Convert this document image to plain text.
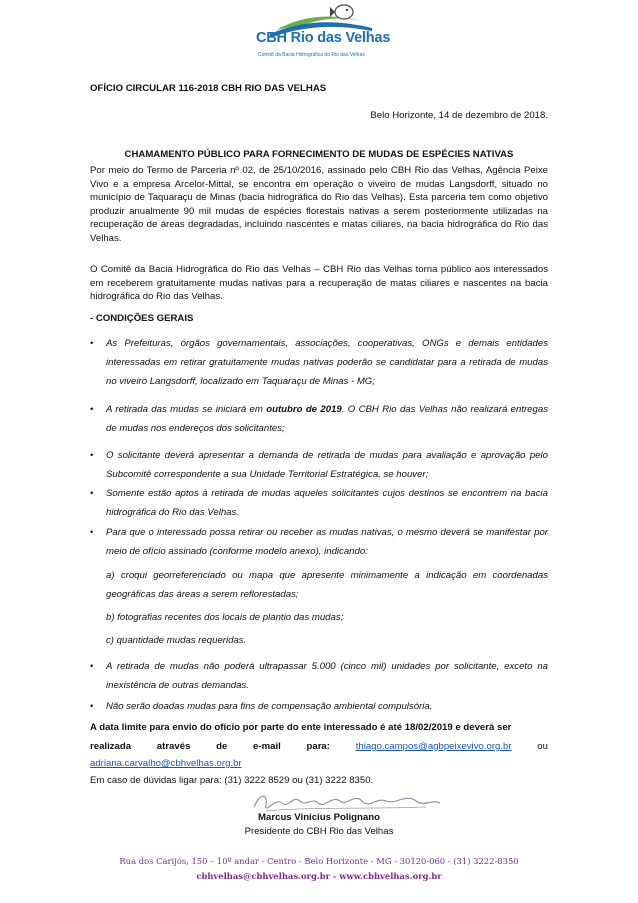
CBH Rio das Velhas
Comitê da Bacia Hidrográfica do Rio das Velhas
OFÍCIO CIRCULAR 116-2018 CBH RIO DAS VELHAS
Belo Horizonte, 14 de dezembro de 2018.
CHAMAMENTO PÚBLICO PARA FORNECIMENTO DE MUDAS DE ESPÉCIES NATIVAS
Por meio do Termo de Parceria nº 02, de 25/10/2016, assinado pelo CBH Rio das Velhas, Agência Peixe Vivo e a empresa Arcelor-Mittal, se encontra em operação o viveiro de mudas Langsdorff, situado no município de Taquaraçu de Minas (bacia hidrográfica do Rio das Velhas). Esta parceria tem como objetivo produzir anualmente 90 mil mudas de espécies florestais nativas a serem posteriormente utilizadas na recuperação de áreas degradadas, incluindo nascentes e matas ciliares, na bacia hidrográfica do Rio das Velhas.
O Comitê da Bacia Hidrográfica do Rio das Velhas – CBH Rio das Velhas torna público aos interessados em receberem gratuitamente mudas nativas para a recuperação de matas ciliares e nascentes na bacia hidrográfica do Rio das Velhas.
- CONDIÇÕES GERAIS
• As Prefeituras, órgãos governamentais, associações, cooperativas, ONGs e demais entidades interessadas em retirar gratuitamente mudas nativas poderão se candidatar para a retirada de mudas no viveiro Langsdorff, localizado em Taquaraçu de Minas - MG;
• A retirada das mudas se iniciará em outubro de 2019. O CBH Rio das Velhas não realizará entregas de mudas nos endereços dos solicitantes;
• O solicitante deverá apresentar a demanda de retirada de mudas para avaliação e aprovação pelo Subcomitê correspondente a sua Unidade Territorial Estratégica, se houver;
• Somente estão aptos à retirada de mudas aqueles solicitantes cujos destinos se encontrem na bacia hidrográfica do Rio das Velhas.
• Para que o interessado possa retirar ou receber as mudas nativas, o mesmo deverá se manifestar por meio de ofício assinado (conforme modelo anexo), indicando:
a) croqui georreferenciado ou mapa que apresente minimamente a indicação em coordenadas geográficas das áreas a serem reflorestadas;
b) fotografias recentes dos locais de plantio das mudas;
c) quantidade mudas requeridas.
• A retirada de mudas não poderá ultrapassar 5.000 (cinco mil) unidades por solicitante, exceto na inexistência de outras demandas.
• Não serão doadas mudas para fins de compensação ambiental compulsória.
A data limite para envio do ofício por parte do ente interessado é até 18/02/2019 e deverá ser
realizada	através	de	e-mail	para:	thiago.campos@agbpeixevivo.org.br	ou
adriana.carvalho@cbhvelhas.org.br
Em caso de dúvidas ligar para: (31) 3222 8529 ou (31) 3222 8350.
Marcus Vinícius Polignano
Presidente do CBH Rio das Velhas
Rua dos Carijós, 150 – 10º andar - Centro - Belo Horizonte - MG - 30120-060 - (31) 3222-8350
cbhvelhas@cbhvelhas.org.br - www.cbhvelhas.org.br
